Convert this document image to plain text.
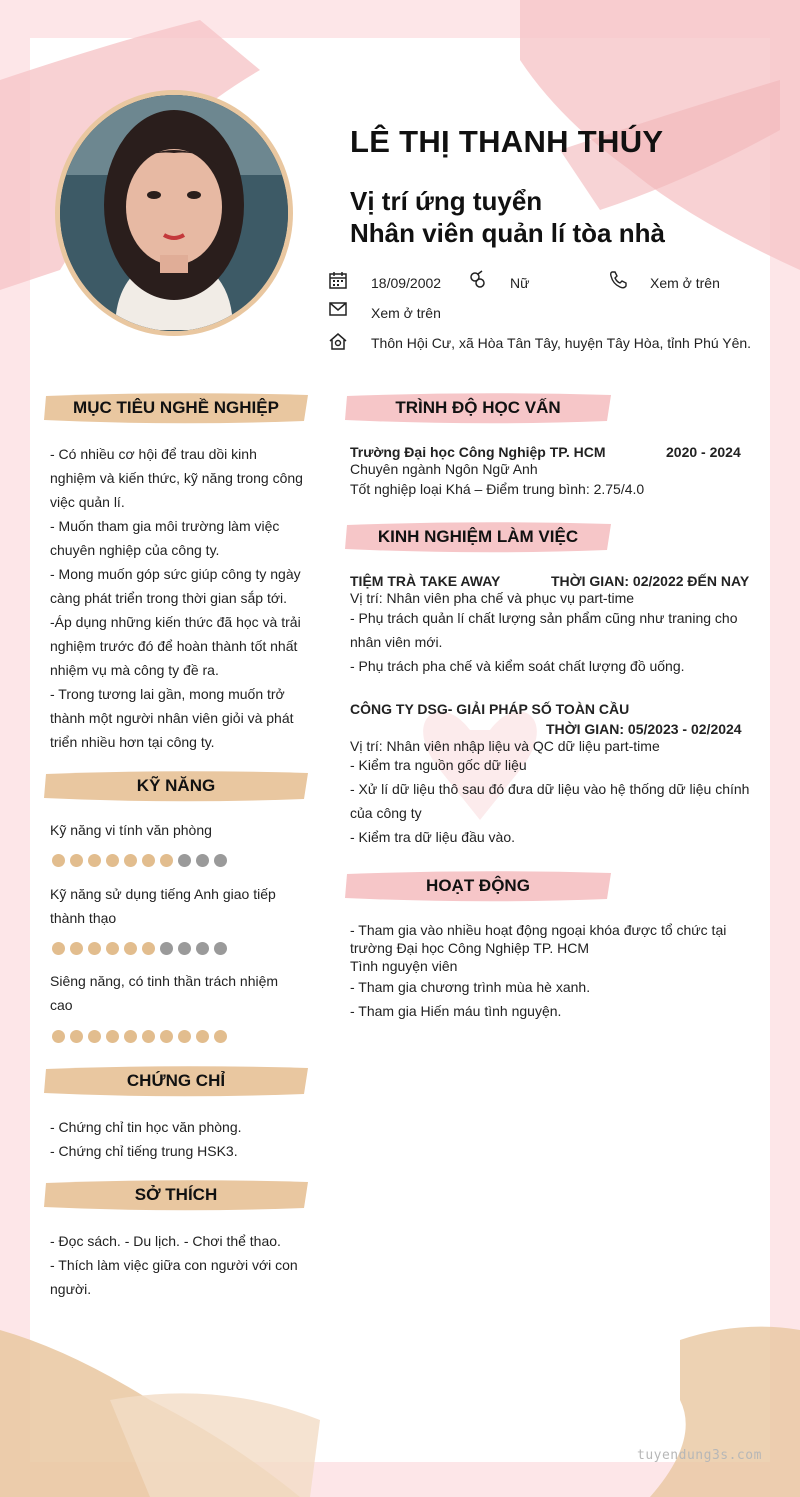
LÊ THỊ THANH THÚY
Vị trí ứng tuyển
Nhân viên quản lí tòa nhà
18/09/2002	Nữ	Xem ở trên
Xem ở trên
Thôn Hội Cư, xã Hòa Tân Tây, huyện Tây Hòa, tỉnh Phú Yên.
MỤC TIÊU NGHỀ NGHIỆP
- Có nhiều cơ hội để trau dồi kinh
nghiệm và kiến thức, kỹ năng trong công
việc quản lí.
- Muốn tham gia môi trường làm việc
chuyên nghiệp của công ty.
- Mong muốn góp sức giúp công ty ngày
càng phát triển trong thời gian sắp tới.
-Áp dụng những kiến thức đã học và trải
nghiệm trước đó để hoàn thành tốt nhất
nhiệm vụ mà công ty đề ra.
- Trong tương lai gần, mong muốn trở
thành một người nhân viên giỏi và phát
triển nhiều hơn tại công ty.
KỸ NĂNG
Kỹ năng vi tính văn phòng
Kỹ năng sử dụng tiếng Anh giao tiếp
thành thạo
Siêng năng, có tinh thần trách nhiệm
cao
CHỨNG CHỈ
- Chứng chỉ tin học văn phòng.
- Chứng chỉ tiếng trung HSK3.
SỞ THÍCH
- Đọc sách. - Du lịch. - Chơi thể thao.
- Thích làm việc giữa con người với con
người.
TRÌNH ĐỘ HỌC VẤN
Trường Đại học Công Nghiệp TP. HCM	2020 - 2024
Chuyên ngành Ngôn Ngữ Anh
Tốt nghiệp loại Khá – Điểm trung bình: 2.75/4.0
KINH NGHIỆM LÀM VIỆC
TIỆM TRÀ TAKE AWAY	THỜI GIAN: 02/2022 ĐẾN NAY
Vị trí: Nhân viên pha chế và phục vụ part-time
- Phụ trách quản lí chất lượng sản phẩm cũng như traning cho
nhân viên mới.
- Phụ trách pha chế và kiểm soát chất lượng đồ uống.
CÔNG TY DSG- GIẢI PHÁP SỐ TOÀN CẦU
THỜI GIAN: 05/2023 - 02/2024
Vị trí: Nhân viên nhập liệu và QC dữ liệu part-time
- Kiểm tra nguồn gốc dữ liệu
- Xử lí dữ liệu thô sau đó đưa dữ liệu vào hệ thống dữ liệu chính
của công ty
- Kiểm tra dữ liệu đầu vào.
HOẠT ĐỘNG
- Tham gia vào nhiều hoạt động ngoại khóa được tổ chức tại
trường Đại học Công Nghiệp TP. HCM
Tình nguyện viên
- Tham gia chương trình mùa hè xanh.
- Tham gia Hiến máu tình nguyện.
tuyendung3s.com
